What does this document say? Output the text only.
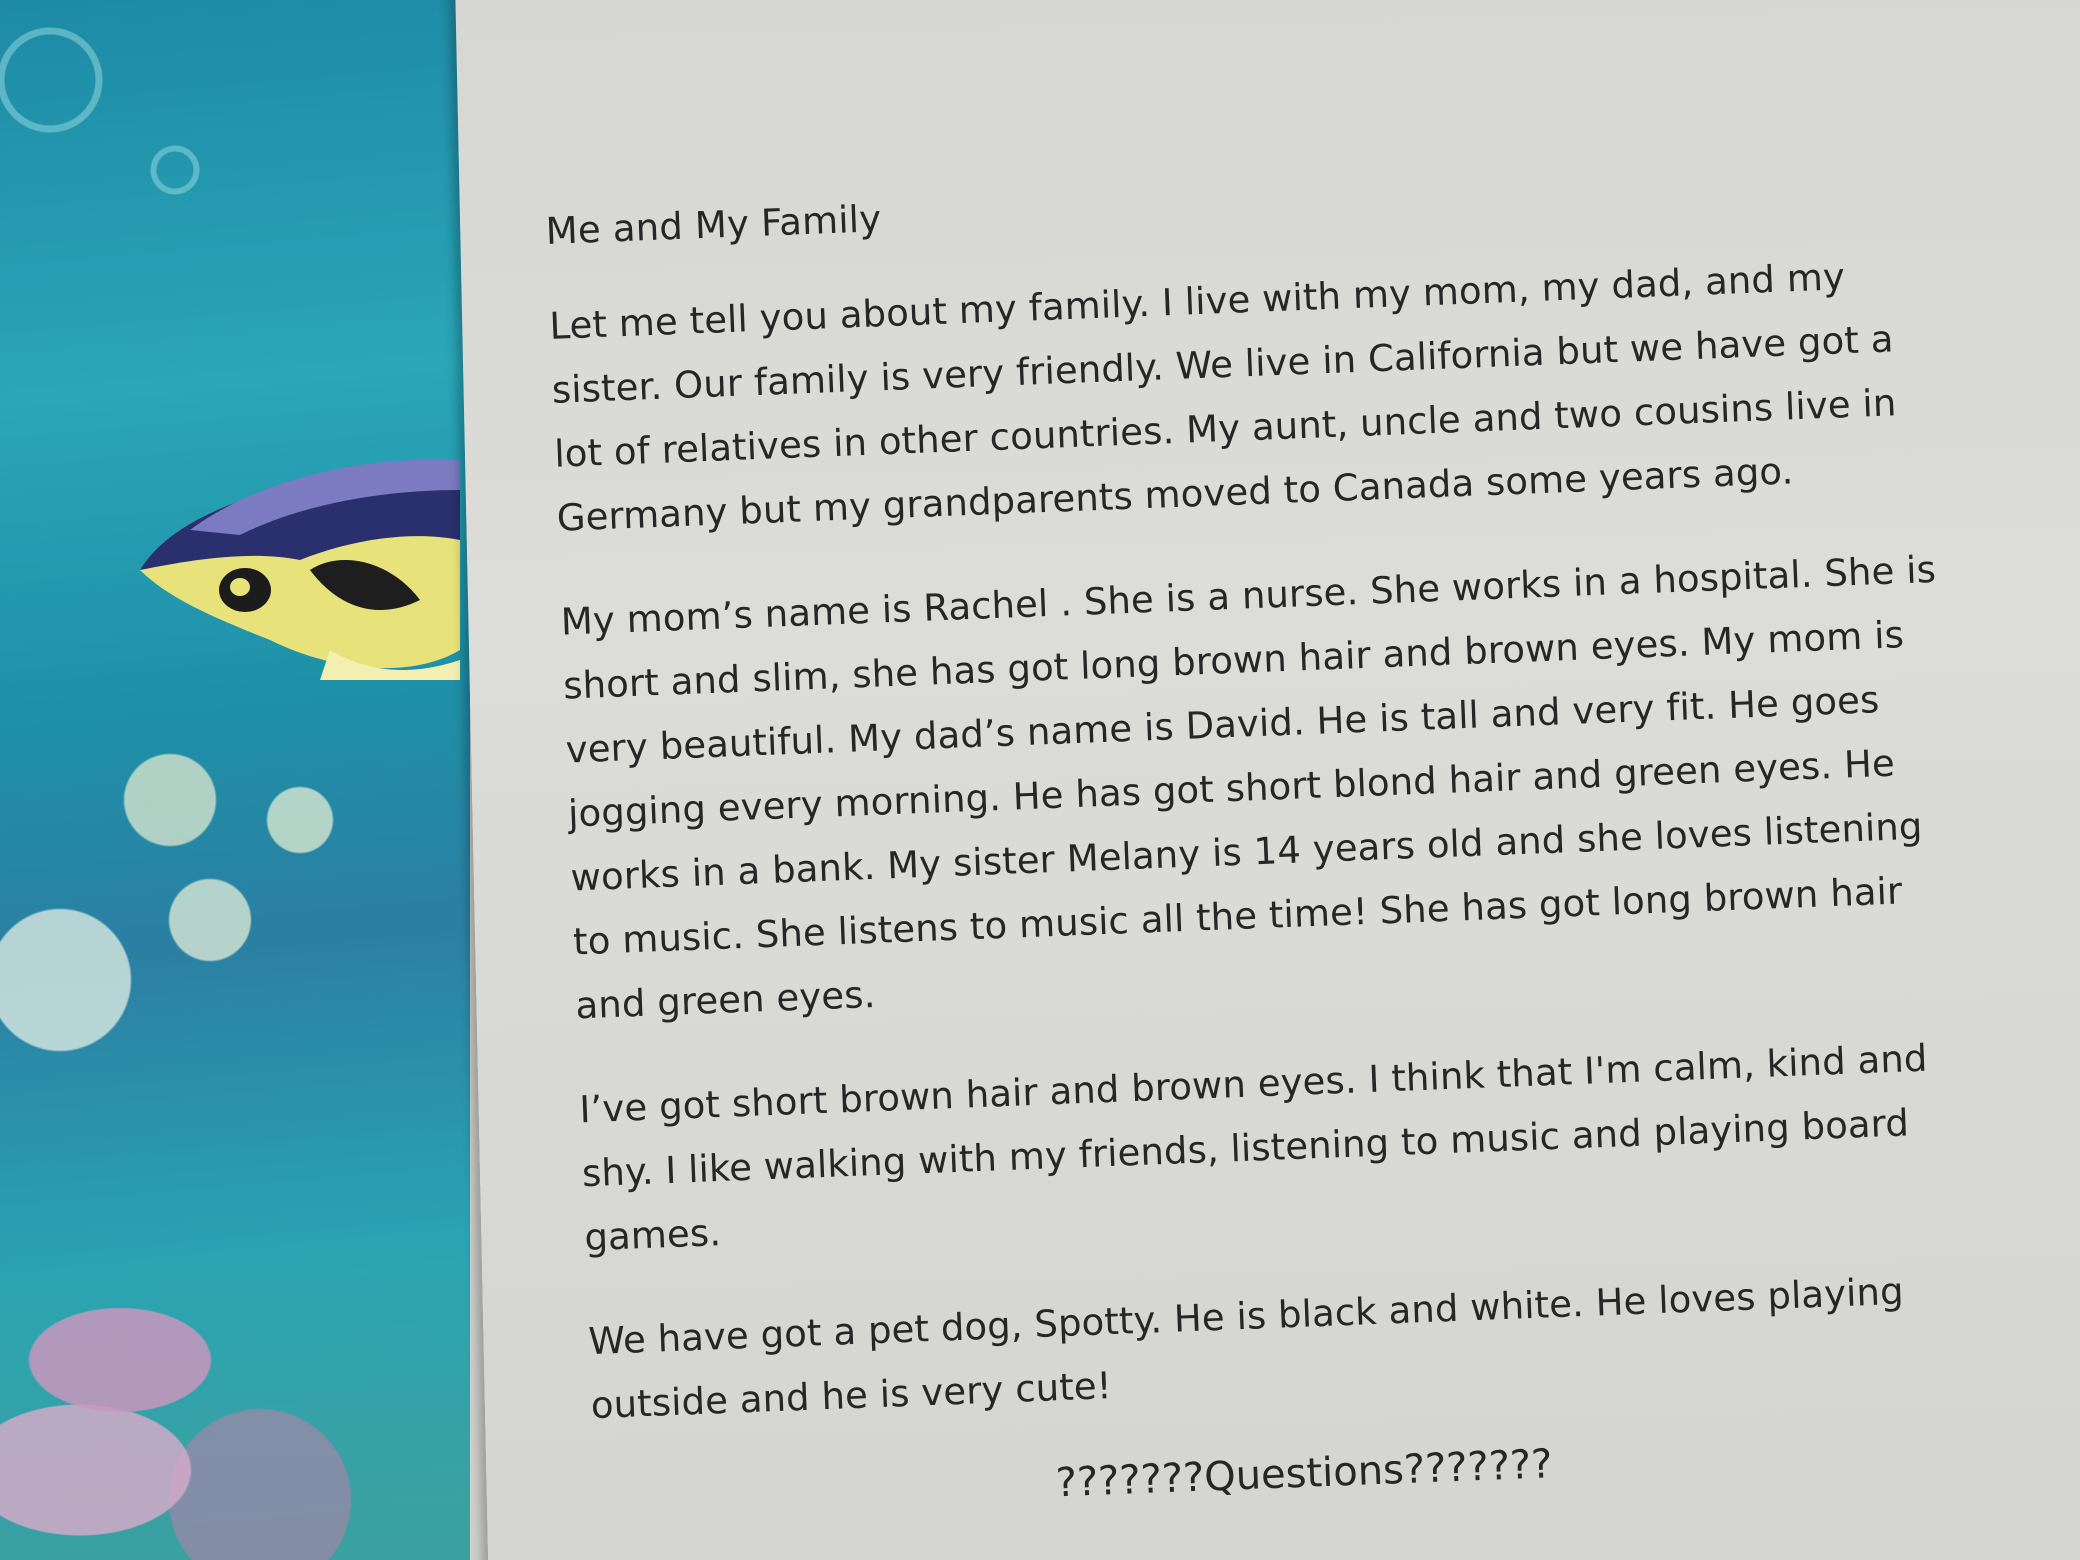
Me and My Family

Let me tell you about my family. I live with my mom, my dad, and my sister. Our family is very friendly. We live in California but we have got a lot of relatives in other countries. My aunt, uncle and two cousins live in Germany but my grandparents moved to Canada some years ago.

My mom’s name is Rachel . She is a nurse. She works in a hospital. She is short and slim, she has got long brown hair and brown eyes. My mom is very beautiful. My dad’s name is David. He is tall and very fit. He goes jogging every morning. He has got short blond hair and green eyes. He works in a bank. My sister Melany is 14 years old and she loves listening to music. She listens to music all the time! She has got long brown hair and green eyes.

I’ve got short brown hair and brown eyes. I think that I'm calm, kind and shy. I like walking with my friends, listening to music and playing board games.

We have got a pet dog, Spotty. He is black and white. He loves playing outside and he is very cute!

???????Questions???????
